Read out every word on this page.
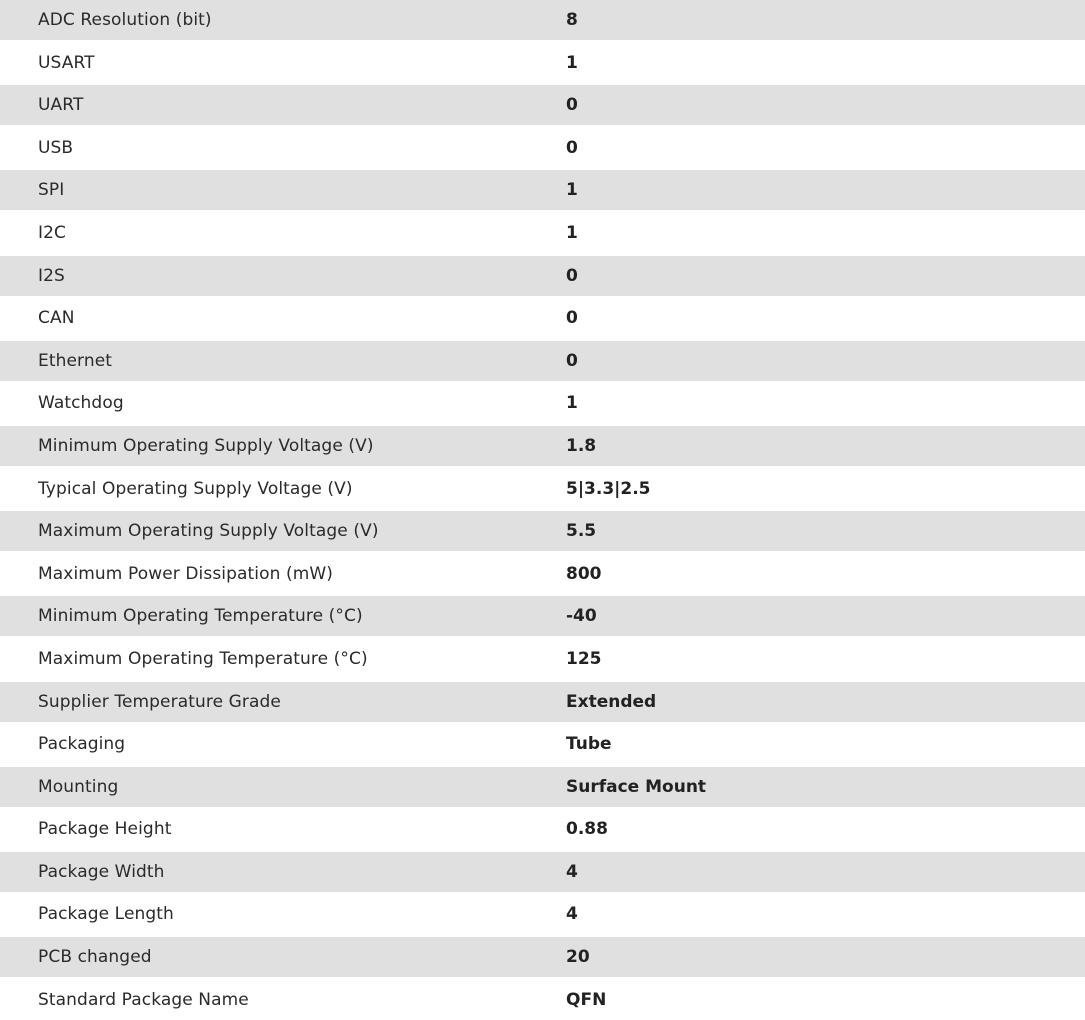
ADC Resolution (bit)	8
USART	1
UART	0
USB	0
SPI	1
I2C	1
I2S	0
CAN	0
Ethernet	0
Watchdog	1
Minimum Operating Supply Voltage (V)	1.8
Typical Operating Supply Voltage (V)	5|3.3|2.5
Maximum Operating Supply Voltage (V)	5.5
Maximum Power Dissipation (mW)	800
Minimum Operating Temperature (°C)	-40
Maximum Operating Temperature (°C)	125
Supplier Temperature Grade	Extended
Packaging	Tube
Mounting	Surface Mount
Package Height	0.88
Package Width	4
Package Length	4
PCB changed	20
Standard Package Name	QFN
